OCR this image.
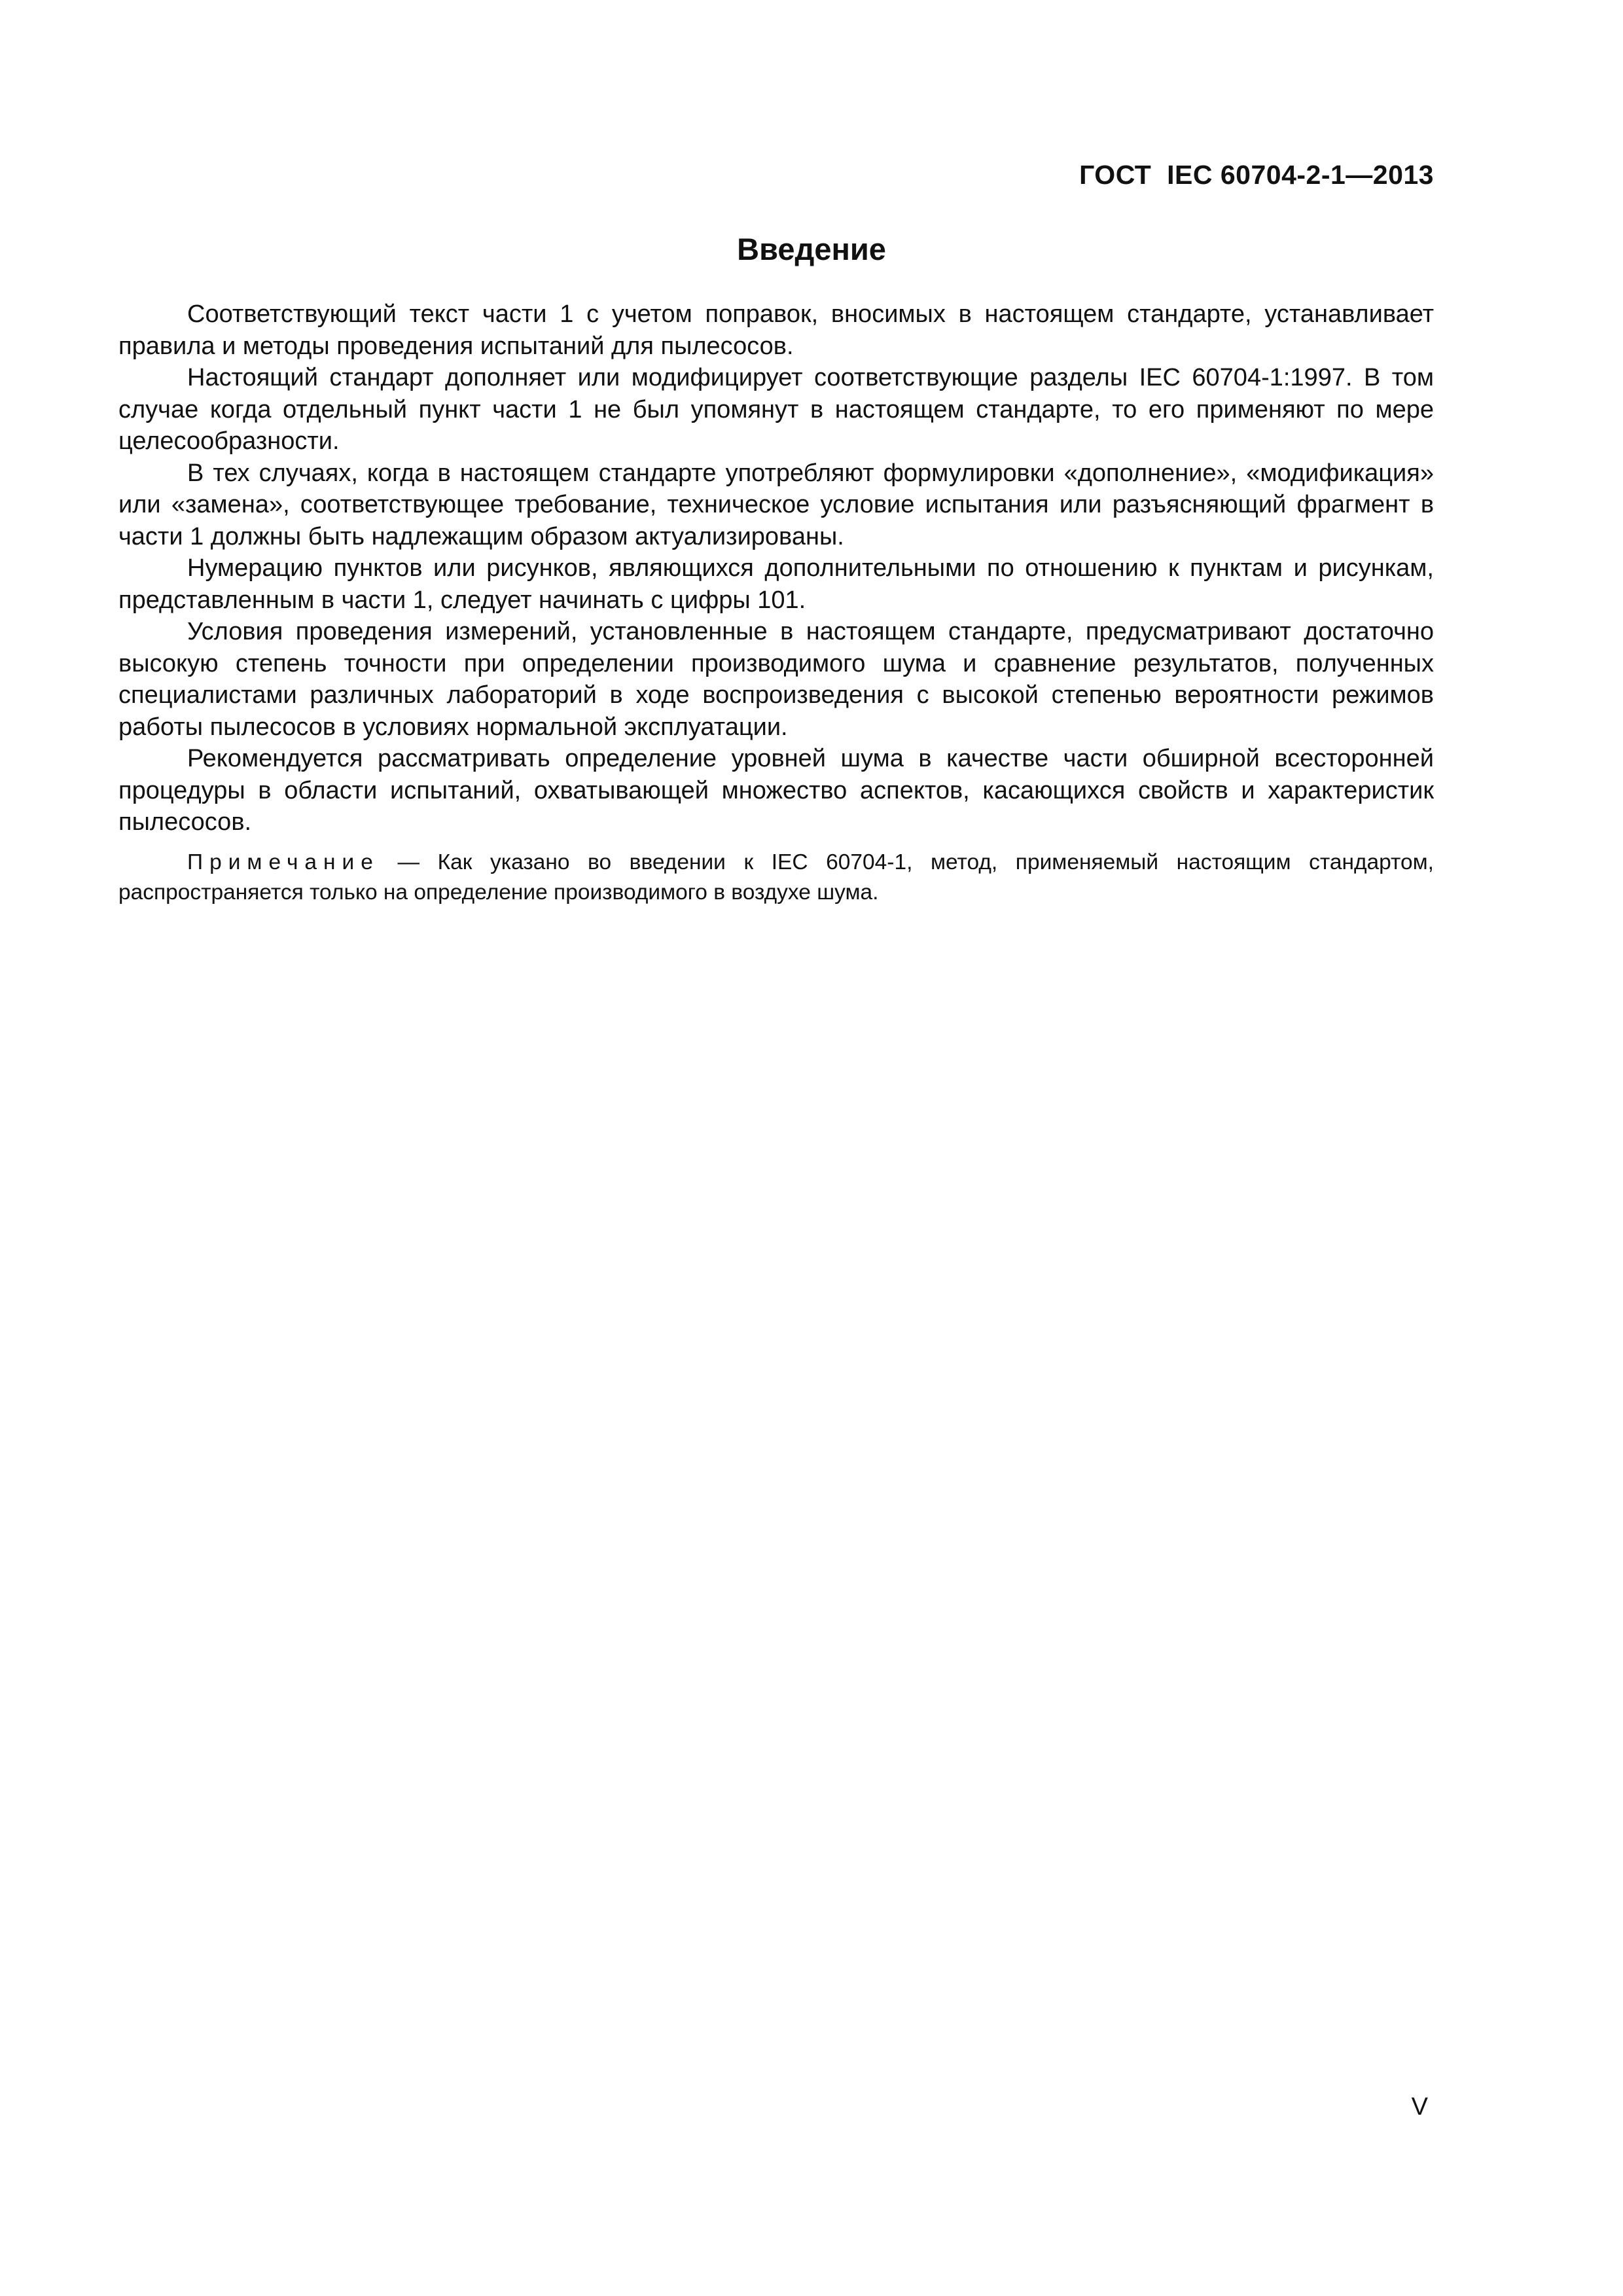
ГОСТ  IEC 60704-2-1—2013
Введение

Соответствующий текст части 1 с учетом поправок, вносимых в настоящем стандарте, устанавливает правила и методы проведения испытаний для пылесосов.

Настоящий стандарт дополняет или модифицирует соответствующие разделы IEC 60704-1:1997. В том случае когда отдельный пункт части 1 не был упомянут в настоящем стандарте, то его применяют по мере целесообразности.

В тех случаях, когда в настоящем стандарте употребляют формулировки «дополнение», «модификация» или «замена», соответствующее требование, техническое условие испытания или разъясняющий фрагмент в части 1 должны быть надлежащим образом актуализированы.

Нумерацию пунктов или рисунков, являющихся дополнительными по отношению к пунктам и рисункам, представленным в части 1, следует начинать с цифры 101.

Условия проведения измерений, установленные в настоящем стандарте, предусматривают достаточно высокую степень точности при определении производимого шума и сравнение результатов, полученных специалистами различных лабораторий в ходе воспроизведения с высокой степенью вероятности режимов работы пылесосов в условиях нормальной эксплуатации.

Рекомендуется рассматривать определение уровней шума в качестве части обширной всесторонней процедуры в области испытаний, охватывающей множество аспектов, касающихся свойств и характеристик пылесосов.

Примечание — Как указано во введении к IEC 60704-1, метод, применяемый настоящим стандартом, распространяется только на определение производимого в воздухе шума.
V
